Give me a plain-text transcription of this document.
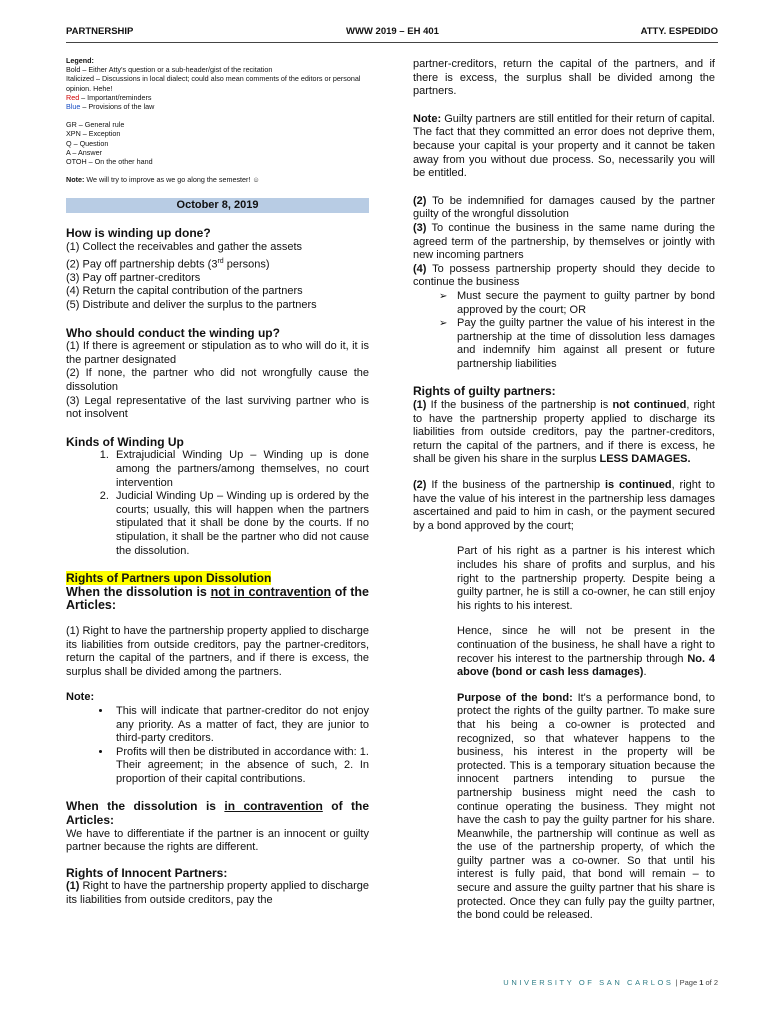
PARTNERSHIP	WWW 2019 – EH 401	ATTY. ESPEDIDO

Legend:

Bold – Either Atty's question or a sub-header/gist of the recitation

Italicized – Discussions in local dialect; could also mean comments of the editors or personal opinion. Hehe!

Red – Important/reminders

Blue – Provisions of the law

GR – General rule

XPN – Exception

Q – Question

A – Answer

OTOH – On the other hand

Note: We will try to improve as we go along the semester! ☺

October 8, 2019

How is winding up done?

(1) Collect the receivables and gather the assets

(2) Pay off partnership debts (3rd persons)

(3) Pay off partner-creditors

(4) Return the capital contribution of the partners

(5) Distribute and deliver the surplus to the partners

Who should conduct the winding up?

(1) If there is agreement or stipulation as to who will do it, it is the partner designated

(2) If none, the partner who did not wrongfully cause the dissolution

(3) Legal representative of the last surviving partner who is not insolvent

Kinds of Winding Up

1. Extrajudicial Winding Up – Winding up is done among the partners/among themselves, no court intervention
2. Judicial Winding Up – Winding up is ordered by the courts; usually, this will happen when the partners stipulated that it shall be done by the courts. If no stipulation, it shall be the partner who did not cause the dissolution.

Rights of Partners upon Dissolution

When the dissolution is not in contravention of the Articles:

(1) Right to have the partnership property applied to discharge its liabilities from outside creditors, pay the partner-creditors, return the capital of the partners, and if there is excess, the surplus shall be divided among the partners.

Note:

• This will indicate that partner-creditor do not enjoy any priority. As a matter of fact, they are junior to third-party creditors.
• Profits will then be distributed in accordance with: 1. Their agreement; in the absence of such, 2. In proportion of their capital contributions.

When the dissolution is in contravention of the Articles:

We have to differentiate if the partner is an innocent or guilty partner because the rights are different.

Rights of Innocent Partners:

(1) Right to have the partnership property applied to discharge its liabilities from outside creditors, pay the

partner-creditors, return the capital of the partners, and if there is excess, the surplus shall be divided among the partners.

Note: Guilty partners are still entitled for their return of capital. The fact that they committed an error does not deprive them, because your capital is your property and it cannot be taken away from you without due process. So, necessarily you will be entitled.

(2) To be indemnified for damages caused by the partner guilty of the wrongful dissolution

(3) To continue the business in the same name during the agreed term of the partnership, by themselves or jointly with new incoming partners

(4) To possess partnership property should they decide to continue the business

➢ Must secure the payment to guilty partner by bond approved by the court; OR
➢ Pay the guilty partner the value of his interest in the partnership at the time of dissolution less damages and indemnify him against all present or future partnership liabilities

Rights of guilty partners:

(1) If the business of the partnership is not continued, right to have the partnership property applied to discharge its liabilities from outside creditors, pay the partner-creditors, return the capital of the partners, and if there is excess, he shall be given his share in the surplus LESS DAMAGES.

(2) If the business of the partnership is continued, right to have the value of his interest in the partnership less damages ascertained and paid to him in cash, or the payment secured by a bond approved by the court;

Part of his right as a partner is his interest which includes his share of profits and surplus, and his right to the partnership property. Despite being a guilty partner, he is still a co-owner, he can still enjoy his rights to his interest.

Hence, since he will not be present in the continuation of the business, he shall have a right to recover his interest to the partnership through No. 4 above (bond or cash less damages).

Purpose of the bond: It's a performance bond, to protect the rights of the guilty partner. To make sure that his being a co-owner is protected and recognized, so that whatever happens to the business, his interest in the property will be protected. This is a temporary situation because the innocent partners intending to pursue the partnership business might need the cash to continue operating the business. They might not have the cash to pay the guilty partner for his share. Meanwhile, the partnership will continue as well as the use of the partnership property, of which the guilty partner was a co-owner. So that until his interest is fully paid, that bond will remain – to secure and assure the guilty partner that his share is protected. Once they can fully pay the guilty partner, the bond could be released.

UNIVERSITY OF SAN CARLOS | Page 1 of 2
